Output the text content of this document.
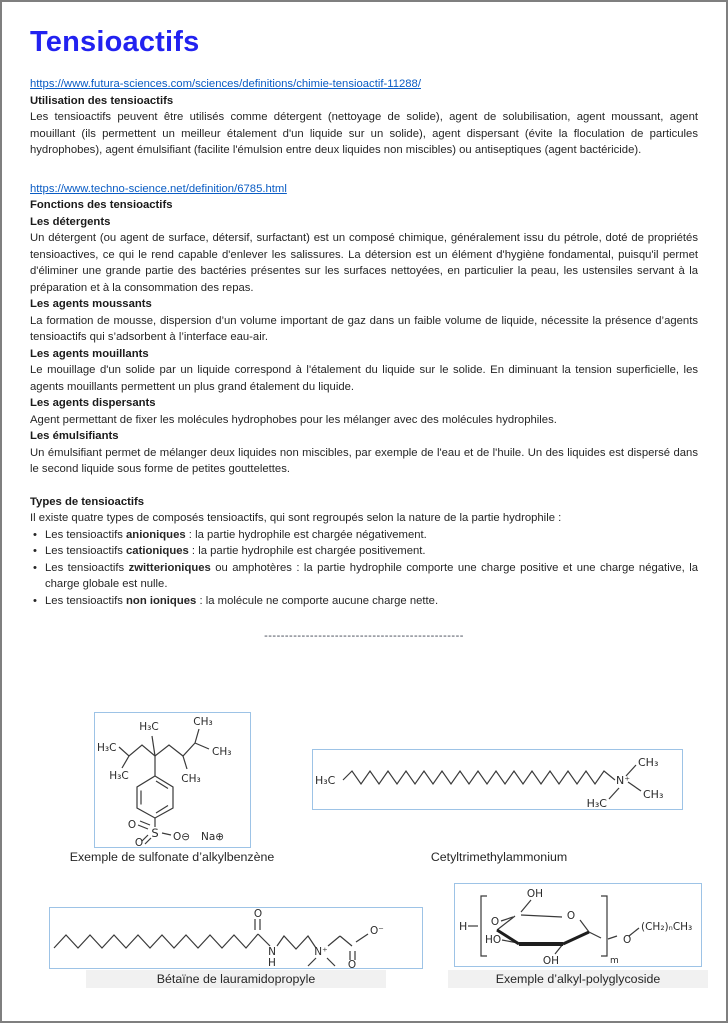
Tensioactifs
https://www.futura-sciences.com/sciences/definitions/chimie-tensioactif-11288/
Utilisation des tensioactifs
Les tensioactifs peuvent être utilisés comme détergent (nettoyage de solide), agent de solubilisation, agent moussant, agent mouillant (ils permettent un meilleur étalement d'un liquide sur un solide), agent dispersant (évite la floculation de particules hydrophobes), agent émulsifiant (facilite l'émulsion entre deux liquides non miscibles) ou antiseptiques (agent bactéricide).
https://www.techno-science.net/definition/6785.html
Fonctions des tensioactifs
Les détergents
Un détergent (ou agent de surface, détersif, surfactant) est un composé chimique, généralement issu du pétrole, doté de propriétés tensioactives, ce qui le rend capable d'enlever les salissures. La détersion est un élément d'hygiène fondamental, puisqu'il permet d'éliminer une grande partie des bactéries présentes sur les surfaces nettoyées, en particulier la peau, les ustensiles servant à la préparation et à la consommation des repas.
Les agents moussants
La formation de mousse, dispersion d’un volume important de gaz dans un faible volume de liquide, nécessite la présence d’agents tensioactifs qui s’adsorbent à l’interface eau-air.
Les agents mouillants
Le mouillage d'un solide par un liquide correspond à l'étalement du liquide sur le solide. En diminuant la tension superficielle, les agents mouillants permettent un plus grand étalement du liquide.
Les agents dispersants
Agent permettant de fixer les molécules hydrophobes pour les mélanger avec des molécules hydrophiles.
Les émulsifiants
Un émulsifiant permet de mélanger deux liquides non miscibles, par exemple de l'eau et de l'huile. Un des liquides est dispersé dans le second liquide sous forme de petites gouttelettes.
Types de tensioactifs
Il existe quatre types de composés tensioactifs, qui sont regroupés selon la nature de la partie hydrophile :
• Les tensioactifs anioniques : la partie hydrophile est chargée négativement.
• Les tensioactifs cationiques : la partie hydrophile est chargée positivement.
• Les tensioactifs zwitterioniques ou amphotères : la partie hydrophile comporte une charge positive et une charge négative, la charge globale est nulle.
• Les tensioactifs non ioniques : la molécule ne comporte aucune charge nette.
------------------------------------------------
H₃C
H₃C
H₃C	CH₃
CH₃
CH₃
S
O
O	O⊖ Na⊕
H₃C	N⁺
CH₃
CH₃
H₃C
Exemple de sulfonate d’alkylbenzène	Cetyltrimethylammonium
O
N
H
N⁺
O⁻
O
H O
OH
O
HO
OH	m
O
(CH₂)ₙCH₃
Bétaïne de lauramidopropyle	Exemple d’alkyl-polyglycoside
